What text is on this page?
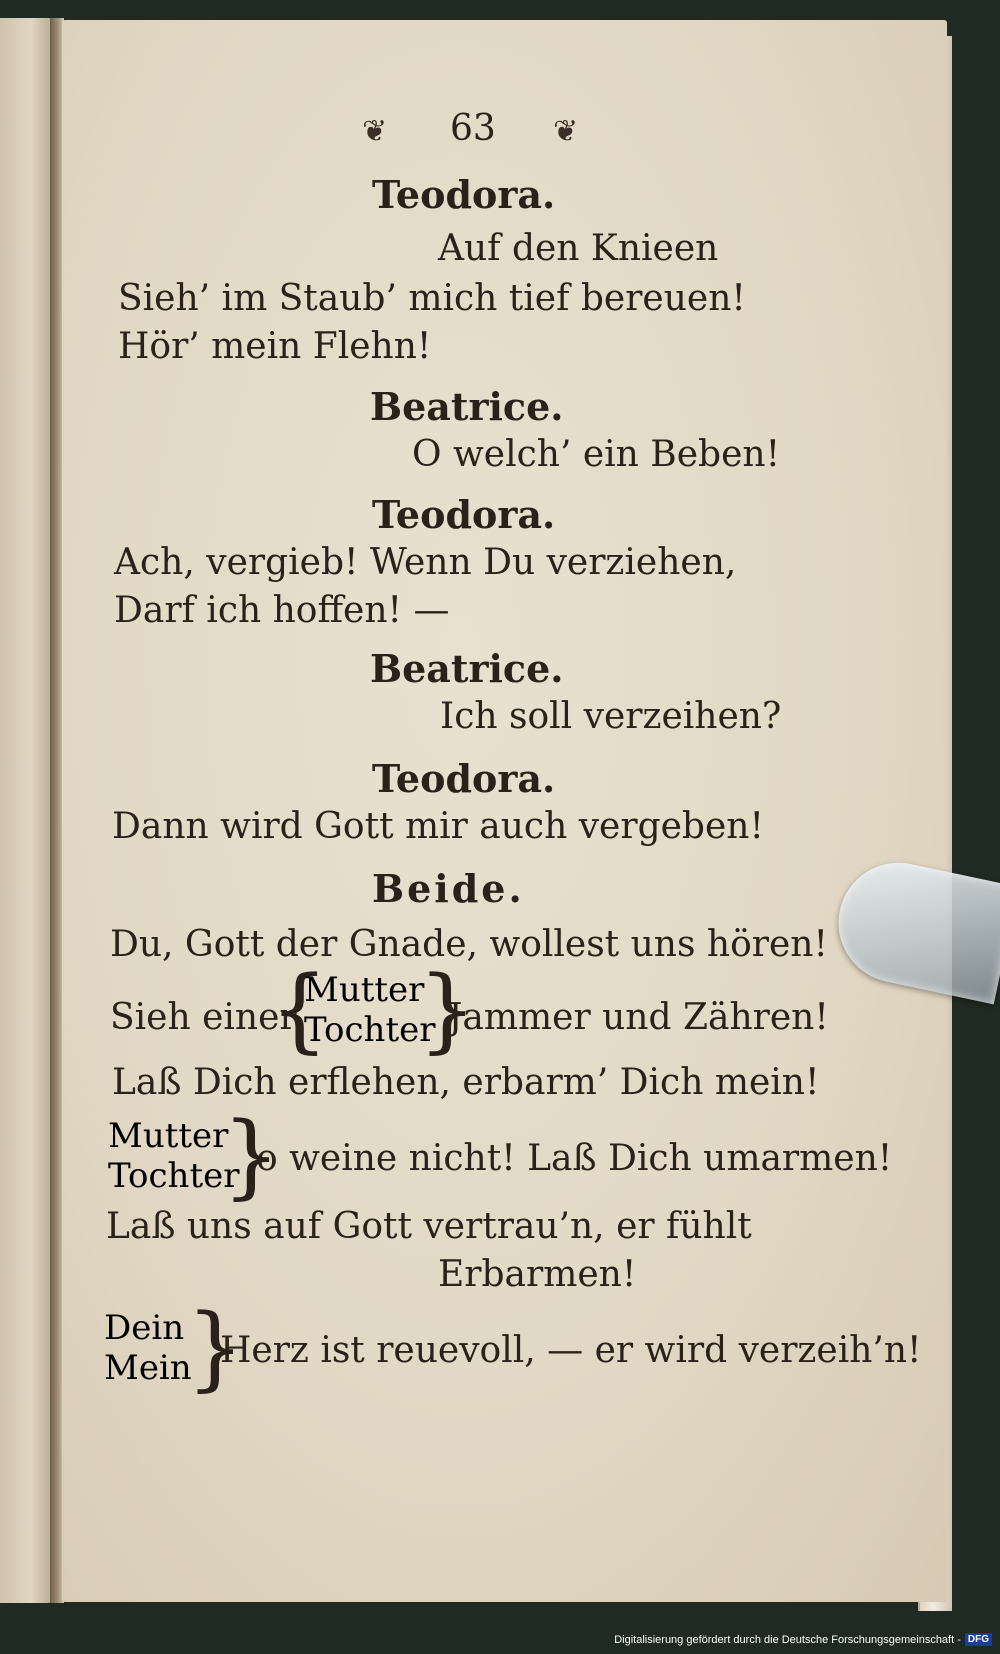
❦ 63 ❦
Teodora.
Auf den Knieen
Sieh’ im Staub’ mich tief bereuen!
Hör’ mein Flehn!
Beatrice.
O welch’ ein Beben!
Teodora.
Ach, vergieb! Wenn Du verziehen,
Darf ich hoffen! —
Beatrice.
Ich soll verzeihen?
Teodora.
Dann wird Gott mir auch vergeben!
Beide.
Du, Gott der Gnade, wollest uns hören!
Sieh einer
{
Mutter
Tochter
}
Jammer und Zähren!
Laß Dich erflehen, erbarm’ Dich mein!
Mutter
Tochter
}
o weine nicht! Laß Dich umarmen!
Laß uns auf Gott vertrau’n, er fühlt
Erbarmen!
Dein
Mein
}
Herz ist reuevoll, — er wird verzeih’n!
Digitalisierung gefördert durch die Deutsche Forschungsgemeinschaft - DFG
